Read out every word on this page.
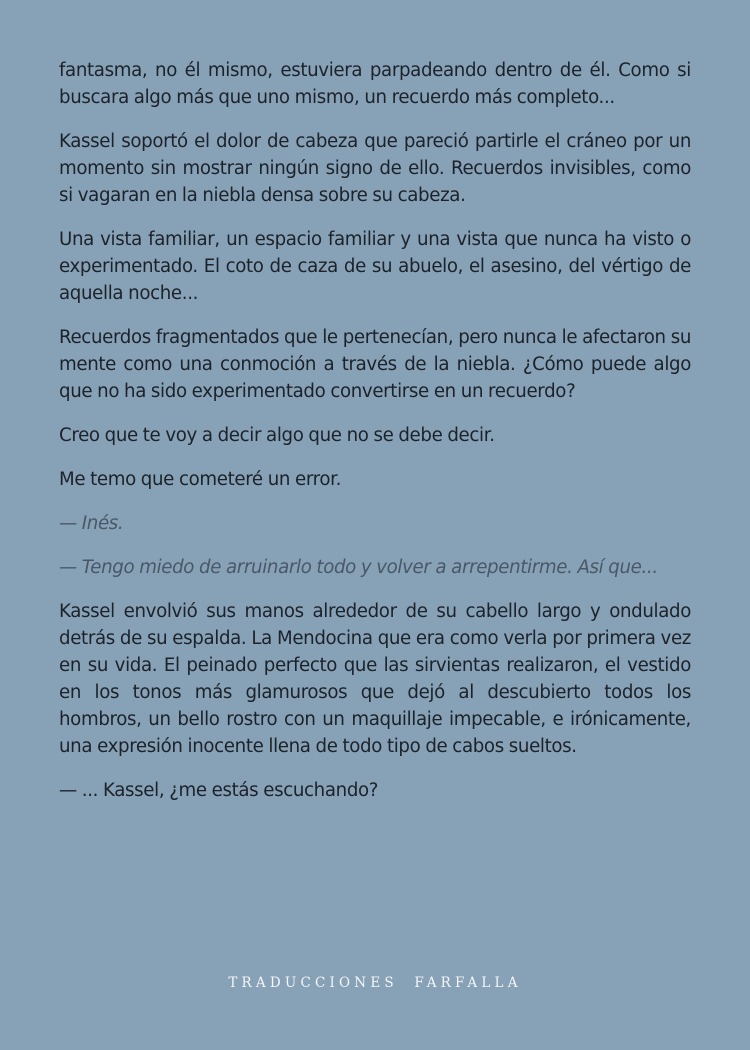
fantasma, no él mismo, estuviera parpadeando dentro de él. Como si buscara algo más que uno mismo, un recuerdo más completo...

Kassel soportó el dolor de cabeza que pareció partirle el cráneo por un momento sin mostrar ningún signo de ello. Recuerdos invisibles, como si vagaran en la niebla densa sobre su cabeza.

Una vista familiar, un espacio familiar y una vista que nunca ha visto o experimentado. El coto de caza de su abuelo, el asesino, del vértigo de aquella noche...

Recuerdos fragmentados que le pertenecían, pero nunca le afectaron su mente como una conmoción a través de la niebla. ¿Cómo puede algo que no ha sido experimentado convertirse en un recuerdo?

Creo que te voy a decir algo que no se debe decir.

Me temo que cometeré un error.

— Inés.

— Tengo miedo de arruinarlo todo y volver a arrepentirme. Así que...

Kassel envolvió sus manos alrededor de su cabello largo y ondulado detrás de su espalda. La Mendocina que era como verla por primera vez en su vida. El peinado perfecto que las sirvientas realizaron, el vestido en los tonos más glamurosos que dejó al descubierto todos los hombros, un bello rostro con un maquillaje impecable, e irónicamente, una expresión inocente llena de todo tipo de cabos sueltos.

— ... Kassel, ¿me estás escuchando?

TRADUCCIONES FARFALLA
